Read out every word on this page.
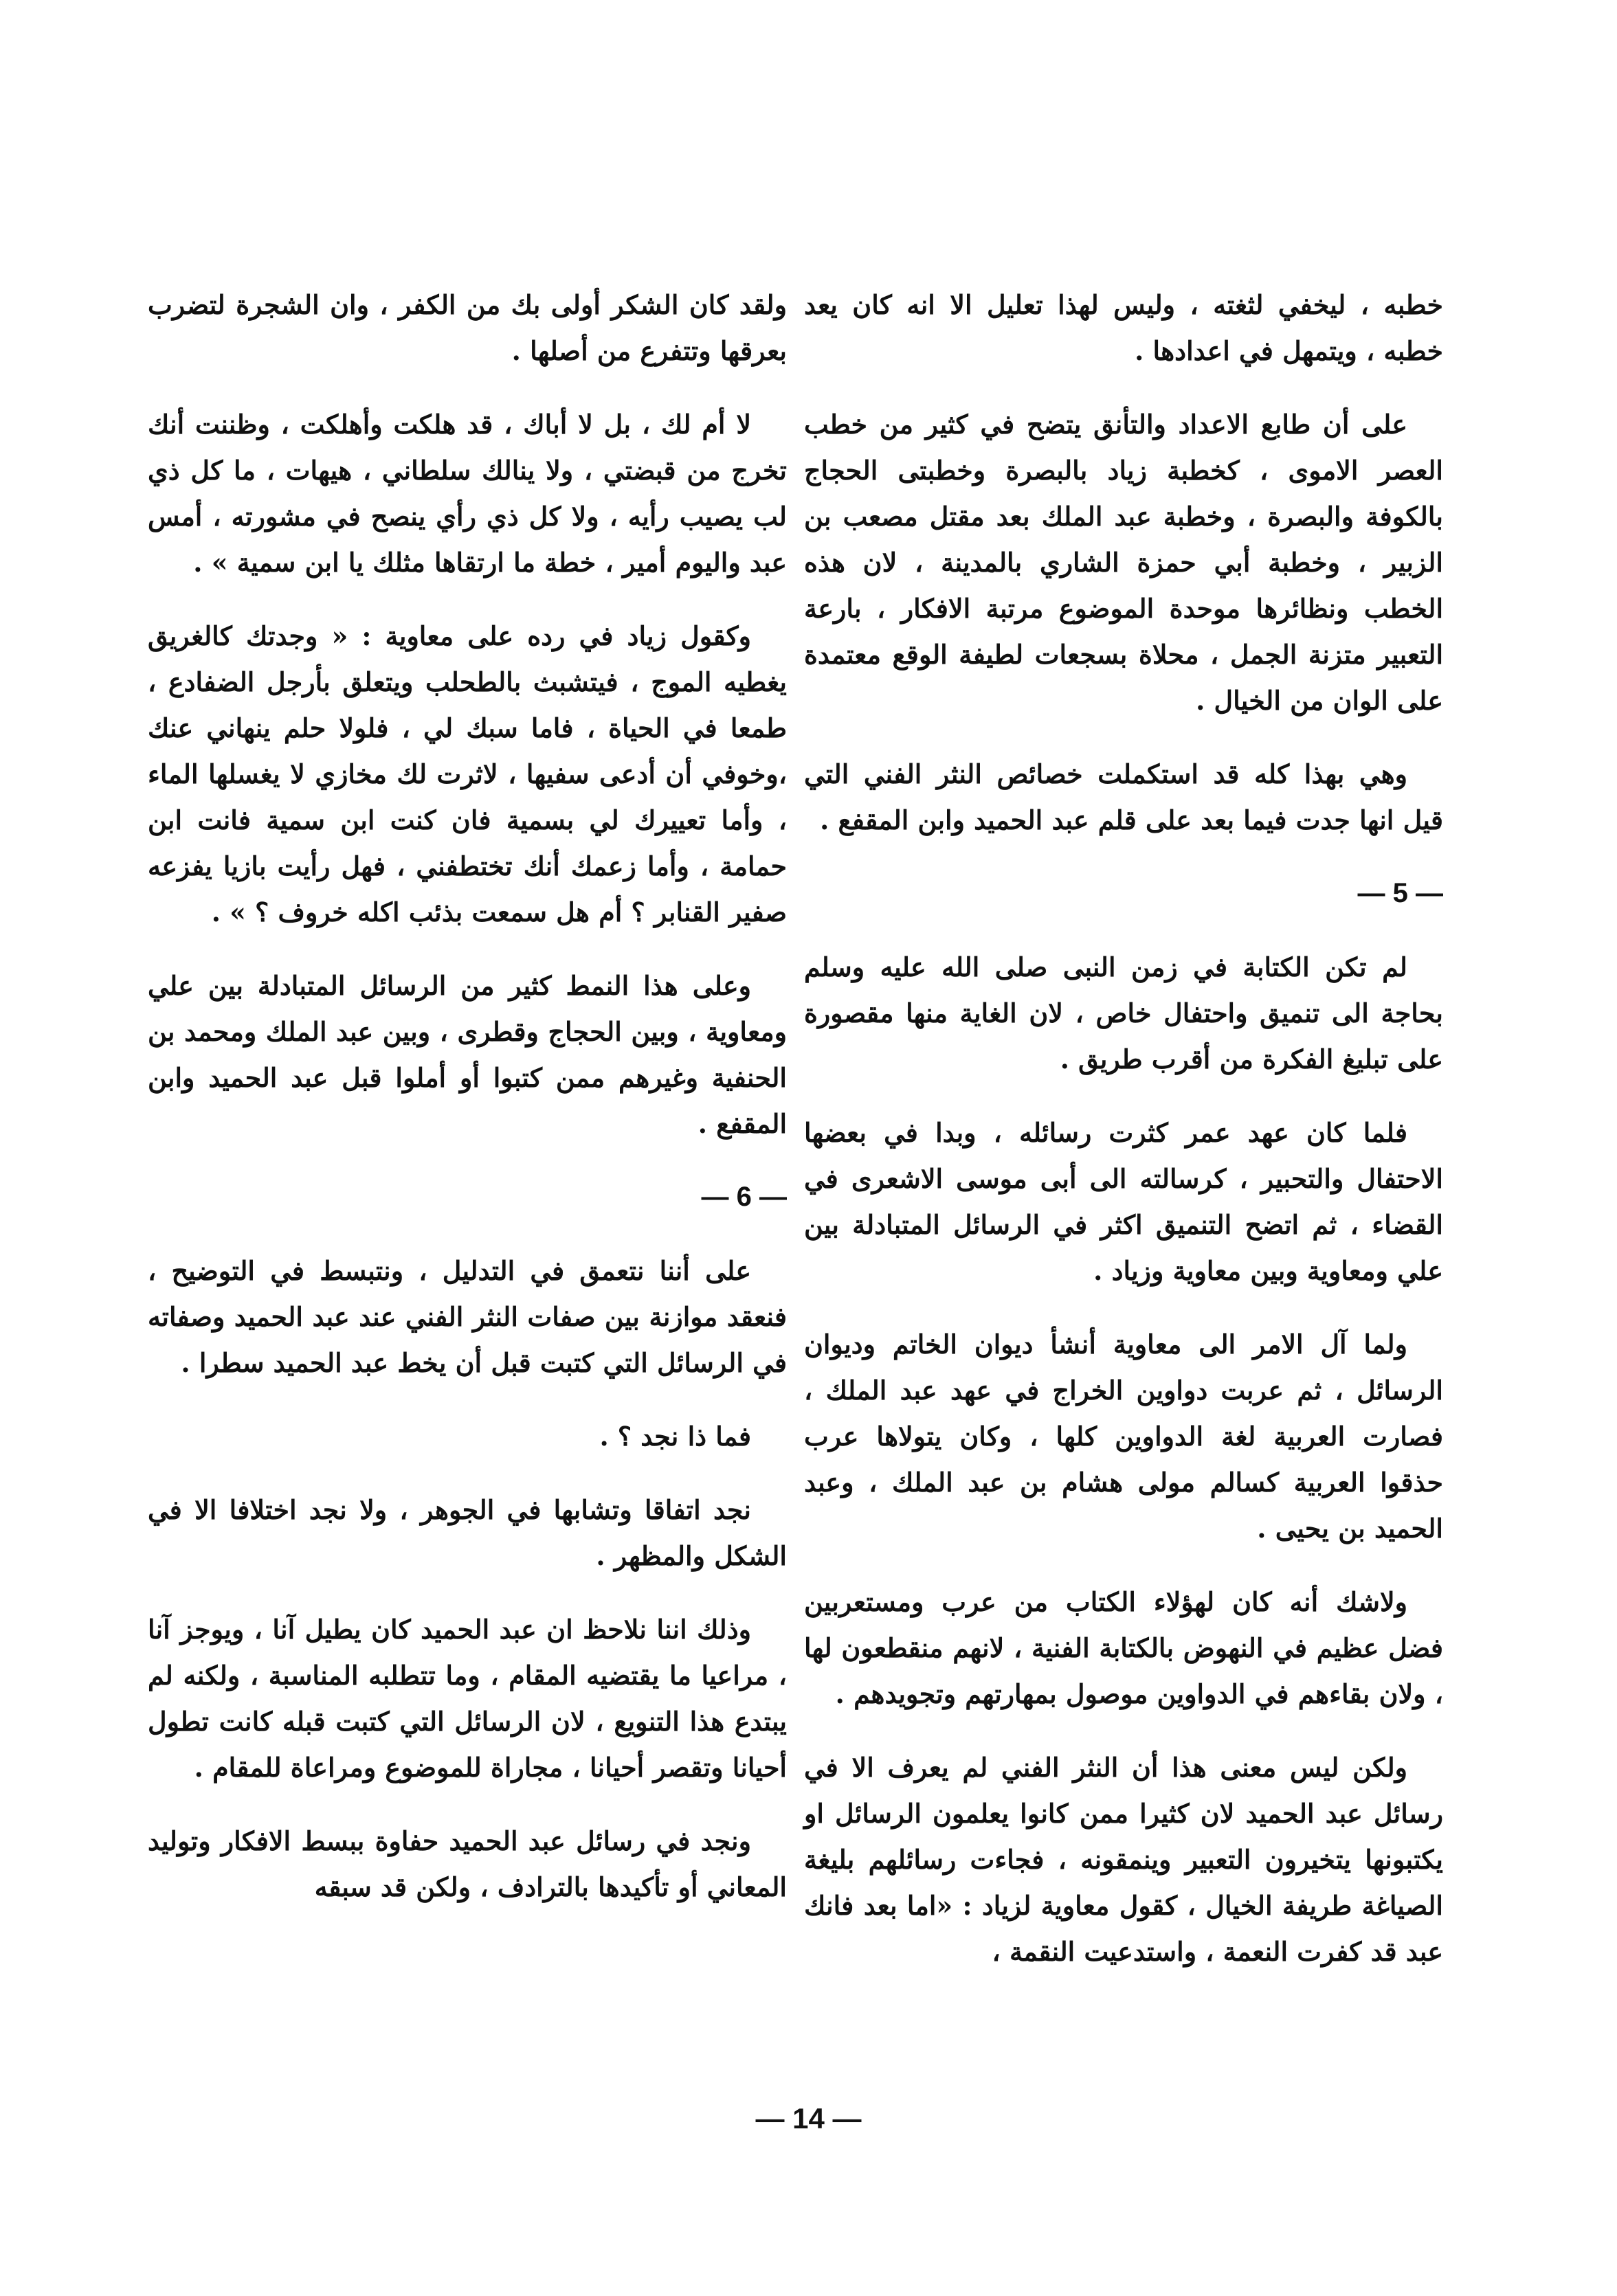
خطبه ، ليخفي لثغته ، وليس لهذا تعليل الا انه كان يعد خطبه ، ويتمهل في اعدادها .

على أن طابع الاعداد والتأنق يتضح في كثير من خطب العصر الاموى ، كخطبة زياد بالبصرة وخطبتى الحجاج بالكوفة والبصرة ، وخطبة عبد الملك بعد مقتل مصعب بن الزبير ، وخطبة أبي حمزة الشاري بالمدينة ، لان هذه الخطب ونظائرها موحدة الموضوع مرتبة الافكار ، بارعة التعبير متزنة الجمل ، محلاة بسجعات لطيفة الوقع معتمدة على الوان من الخيال .

وهي بهذا كله قد استكملت خصائص النثر الفني التي قيل انها جدت فيما بعد على قلم عبد الحميد وابن المقفع .

— 5 —

لم تكن الكتابة في زمن النبى صلى الله عليه وسلم بحاجة الى تنميق واحتفال خاص ، لان الغاية منها مقصورة على تبليغ الفكرة من أقرب طريق .

فلما كان عهد عمر كثرت رسائله ، وبدا في بعضها الاحتفال والتحبير ، كرسالته الى أبى موسى الاشعرى في القضاء ، ثم اتضح التنميق اكثر في الرسائل المتبادلة بين علي ومعاوية وبين معاوية وزياد .

ولما آل الامر الى معاوية أنشأ ديوان الخاتم وديوان الرسائل ، ثم عربت دواوين الخراج في عهد عبد الملك ، فصارت العربية لغة الدواوين كلها ، وكان يتولاها عرب حذقوا العربية كسالم مولى هشام بن عبد الملك ، وعبد الحميد بن يحيى .

ولاشك أنه كان لهؤلاء الكتاب من عرب ومستعربين فضل عظيم في النهوض بالكتابة الفنية ، لانهم منقطعون لها ، ولان بقاءهم في الدواوين موصول بمهارتهم وتجويدهم .

ولكن ليس معنى هذا أن النثر الفني لم يعرف الا في رسائل عبد الحميد لان كثيرا ممن كانوا يعلمون الرسائل او يكتبونها يتخيرون التعبير وينمقونه ، فجاءت رسائلهم بليغة الصياغة طريفة الخيال ، كقول معاوية لزياد : «اما بعد فانك عبد قد كفرت النعمة ، واستدعيت النقمة ،

ولقد كان الشكر أولى بك من الكفر ، وان الشجرة لتضرب بعرقها وتتفرع من أصلها .

لا أم لك ، بل لا أباك ، قد هلكت وأهلكت ، وظننت أنك تخرج من قبضتي ، ولا ينالك سلطاني ، هيهات ، ما كل ذي لب يصيب رأيه ، ولا كل ذي رأي ينصح في مشورته ، أمس عبد واليوم أمير ، خطة ما ارتقاها مثلك يا ابن سمية » .

وكقول زياد في رده على معاوية : « وجدتك كالغريق يغطيه الموج ، فيتشبث بالطحلب ويتعلق بأرجل الضفادع ، طمعا في الحياة ، فاما سبك لي ، فلولا حلم ينهاني عنك ،وخوفي أن أدعى سفيها ، لاثرت لك مخازي لا يغسلها الماء ، وأما تعييرك لي بسمية فان كنت ابن سمية فانت ابن حمامة ، وأما زعمك أنك تختطفني ، فهل رأيت بازيا يفزعه صفير القنابر ؟ أم هل سمعت بذئب اكله خروف ؟ » .

وعلى هذا النمط كثير من الرسائل المتبادلة بين علي ومعاوية ، وبين الحجاج وقطرى ، وبين عبد الملك ومحمد بن الحنفية وغيرهم ممن كتبوا أو أملوا قبل عبد الحميد وابن المقفع .

— 6 —

على أننا نتعمق في التدليل ، ونتبسط في التوضيح ، فنعقد موازنة بين صفات النثر الفني عند عبد الحميد وصفاته في الرسائل التي كتبت قبل أن يخط عبد الحميد سطرا .

فما ذا نجد ؟ .

نجد اتفاقا وتشابها في الجوهر ، ولا نجد اختلافا الا في الشكل والمظهر .

وذلك اننا نلاحظ ان عبد الحميد كان يطيل آنا ، ويوجز آنا ، مراعيا ما يقتضيه المقام ، وما تتطلبه المناسبة ، ولكنه لم يبتدع هذا التنويع ، لان الرسائل التي كتبت قبله كانت تطول أحيانا وتقصر أحيانا ، مجاراة للموضوع ومراعاة للمقام .

ونجد في رسائل عبد الحميد حفاوة ببسط الافكار وتوليد المعاني أو تأكيدها بالترادف ، ولكن قد سبقه

— 14 —
